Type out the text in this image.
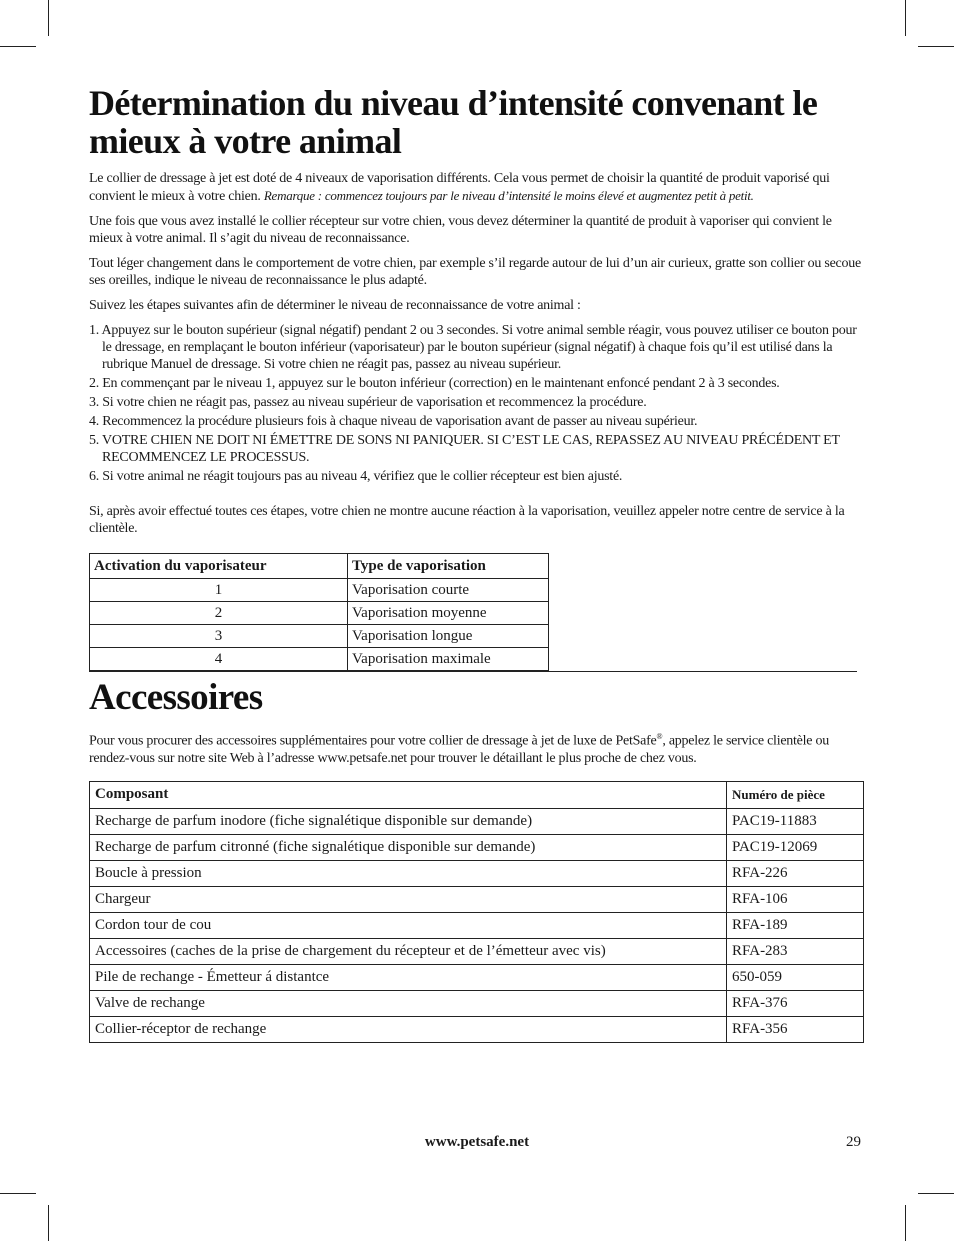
Détermination du niveau d’intensité convenant le mieux à votre animal

Le collier de dressage à jet est doté de 4 niveaux de vaporisation différents. Cela vous permet de choisir la quantité de produit vaporisé qui convient le mieux à votre chien. Remarque : commencez toujours par le niveau d’intensité le moins élevé et augmentez petit à petit.

Une fois que vous avez installé le collier récepteur sur votre chien, vous devez déterminer la quantité de produit à vaporiser qui convient le mieux à votre animal. Il s’agit du niveau de reconnaissance.

Tout léger changement dans le comportement de votre chien, par exemple s’il regarde autour de lui d’un air curieux, gratte son collier ou secoue ses oreilles, indique le niveau de reconnaissance le plus adapté.

Suivez les étapes suivantes afin de déterminer le niveau de reconnaissance de votre animal :

1. Appuyez sur le bouton supérieur (signal négatif) pendant 2 ou 3 secondes. Si votre animal semble réagir, vous pouvez utiliser ce bouton pour le dressage, en remplaçant le bouton inférieur (vaporisateur) par le bouton supérieur (signal négatif) à chaque fois qu’il est utilisé dans la rubrique Manuel de dressage. Si votre chien ne réagit pas, passez au niveau supérieur.
2. En commençant par le niveau 1, appuyez sur le bouton inférieur (correction) en le maintenant enfoncé pendant 2 à 3 secondes.
3. Si votre chien ne réagit pas, passez au niveau supérieur de vaporisation et recommencez la procédure.
4. Recommencez la procédure plusieurs fois à chaque niveau de vaporisation avant de passer au niveau supérieur.
5. VOTRE CHIEN NE DOIT NI ÉMETTRE DE SONS NI PANIQUER. SI C’EST LE CAS, REPASSEZ AU NIVEAU PRÉCÉDENT ET RECOMMENCEZ LE PROCESSUS.
6. Si votre animal ne réagit toujours pas au niveau 4, vérifiez que le collier récepteur est bien ajusté.

Si, après avoir effectué toutes ces étapes, votre chien ne montre aucune réaction à la vaporisation, veuillez appeler notre centre de service à la clientèle.

Activation du vaporisateur	Type de vaporisation
1	Vaporisation courte
2	Vaporisation moyenne
3	Vaporisation longue
4	Vaporisation maximale
Accessoires

Pour vous procurer des accessoires supplémentaires pour votre collier de dressage à jet de luxe de PetSafe®, appelez le service clientèle ou rendez-vous sur notre site Web à l’adresse www.petsafe.net pour trouver le détaillant le plus proche de chez vous.

Composant	Numéro de pièce
Recharge de parfum inodore (fiche signalétique disponible sur demande)	PAC19-11883
Recharge de parfum citronné (fiche signalétique disponible sur demande)	PAC19-12069
Boucle à pression	RFA-226
Chargeur	RFA-106
Cordon tour de cou	RFA-189
Accessoires (caches de la prise de chargement du récepteur et de l’émetteur avec vis)	RFA-283
Pile de rechange - Émetteur á distantce	650-059
Valve de rechange	RFA-376
Collier-réceptor de rechange	RFA-356
www.petsafe.net	29
